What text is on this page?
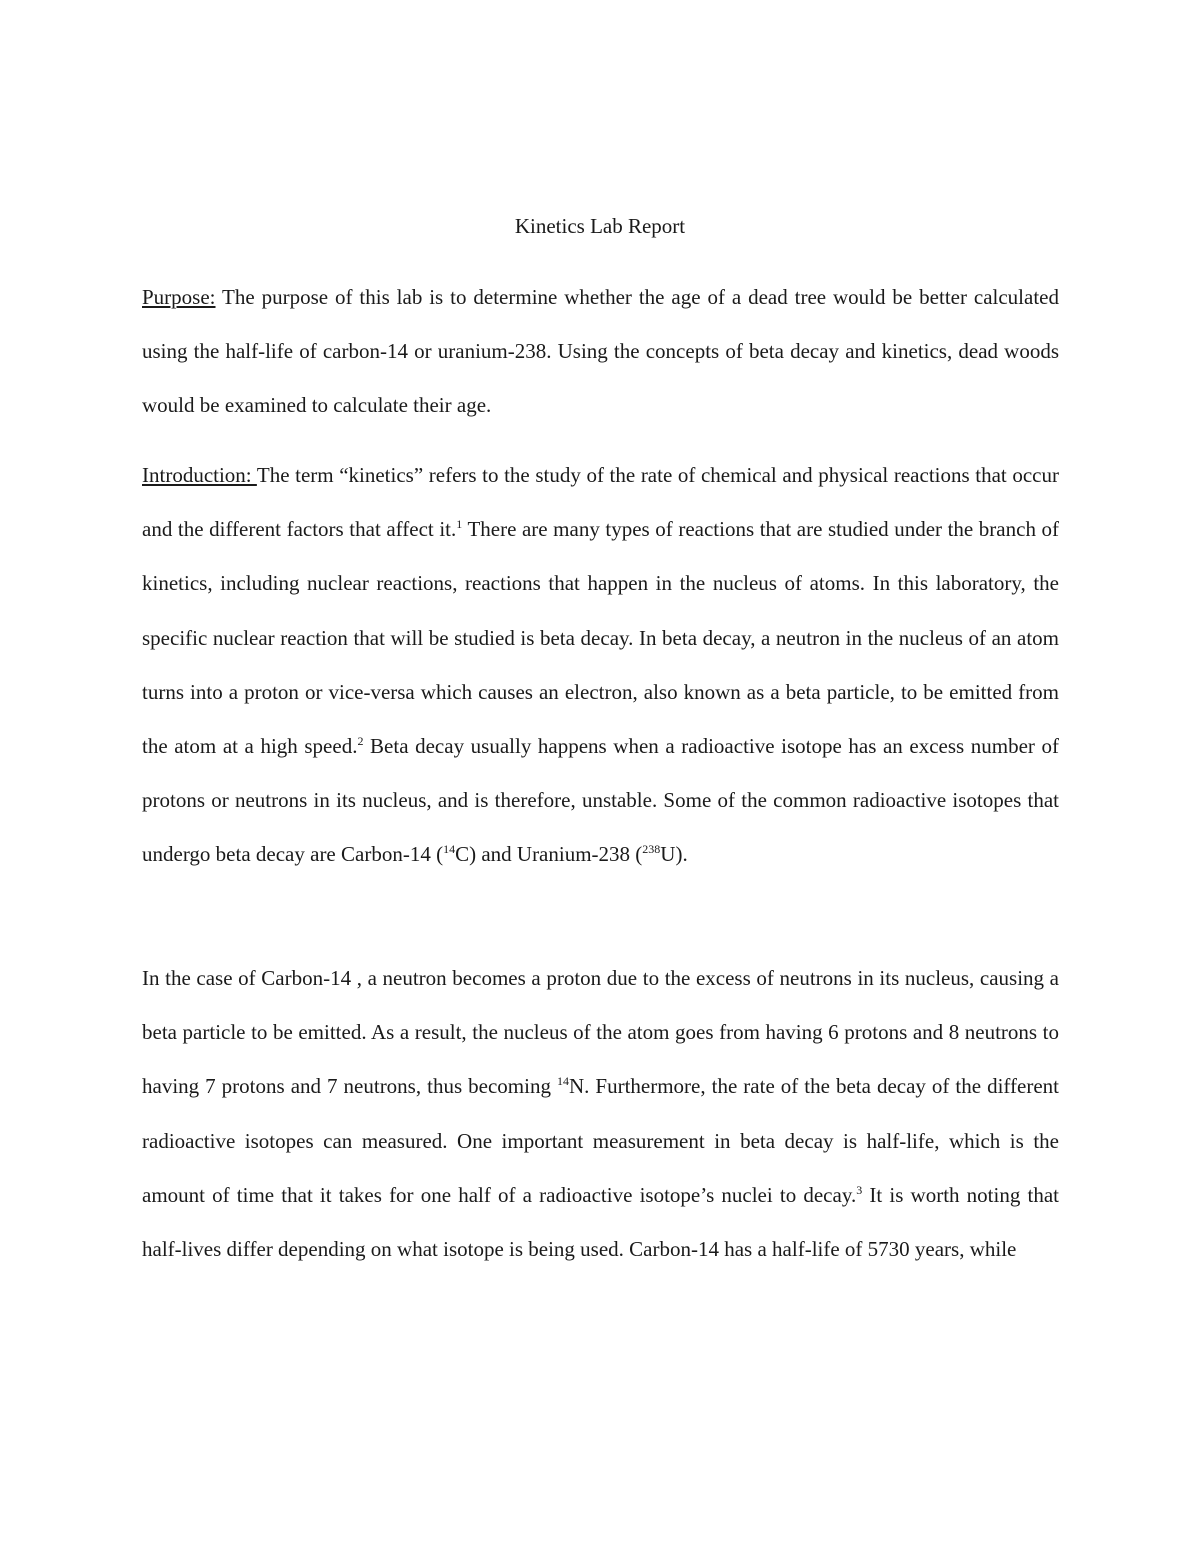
Kinetics Lab Report

Purpose: The purpose of this lab is to determine whether the age of a dead tree would be better calculated using the half-life of carbon-14 or uranium-238. Using the concepts of beta decay and kinetics, dead woods would be examined to calculate their age.

Introduction: The term “kinetics” refers to the study of the rate of chemical and physical reactions that occur and the different factors that affect it.$^1$ There are many types of reactions that are studied under the branch of kinetics, including nuclear reactions, reactions that happen in the nucleus of atoms. In this laboratory, the specific nuclear reaction that will be studied is beta decay. In beta decay, a neutron in the nucleus of an atom turns into a proton or vice-versa which causes an electron, also known as a beta particle, to be emitted from the atom at a high speed.$^2$ Beta decay usually happens when a radioactive isotope has an excess number of protons or neutrons in its nucleus, and is therefore, unstable. Some of the common radioactive isotopes that undergo beta decay are Carbon-14 ($^{14}$C) and Uranium-238 ($^{238}$U).

In the case of Carbon-14 , a neutron becomes a proton due to the excess of neutrons in its nucleus, causing a beta particle to be emitted. As a result, the nucleus of the atom goes from having 6 protons and 8 neutrons to having 7 protons and 7 neutrons, thus becoming $^{14}$N. Furthermore, the rate of the beta decay of the different radioactive isotopes can measured. One important measurement in beta decay is half-life, which is the amount of time that it takes for one half of a radioactive isotope’s nuclei to decay.$^3$ It is worth noting that half-lives differ depending on what isotope is being used. Carbon-14 has a half-life of 5730 years, while
